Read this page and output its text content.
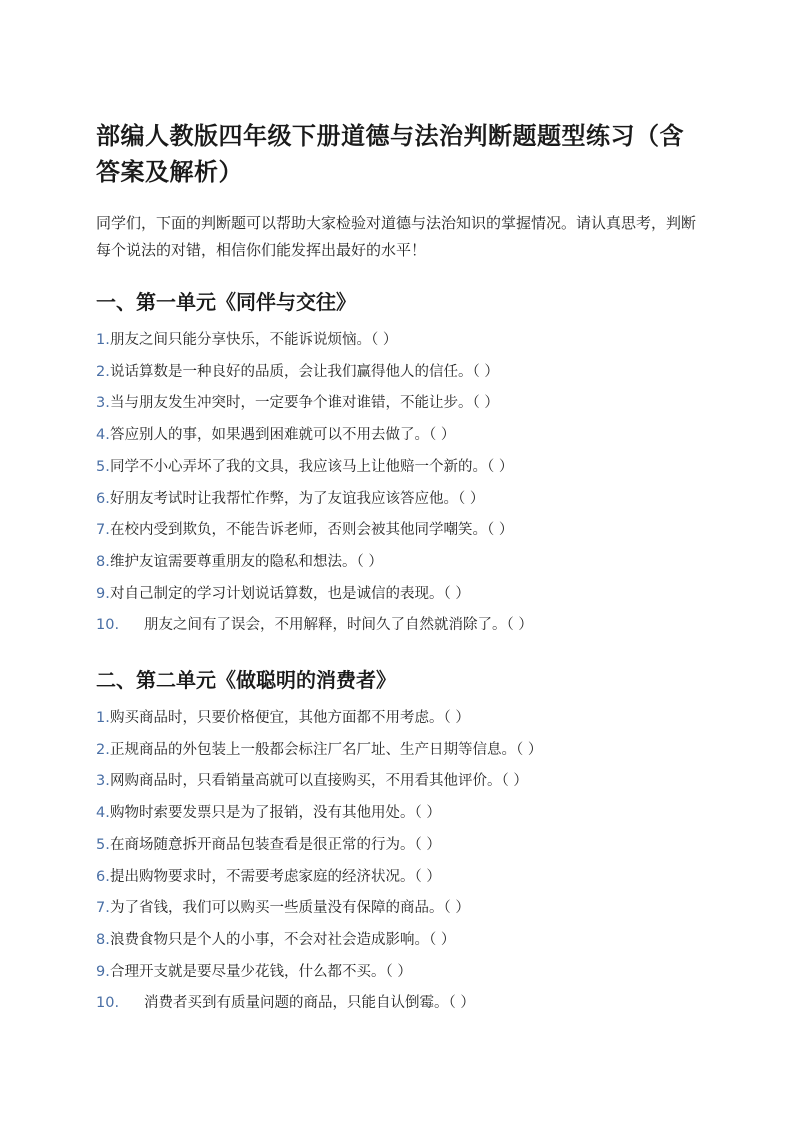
部编人教版四年级下册道德与法治判断题题型练习（含答案及解析）

同学们，下面的判断题可以帮助大家检验对道德与法治知识的掌握情况。请认真思考，判断每个说法的对错，相信你们能发挥出最好的水平！

一、第一单元《同伴与交往》
1. 朋友之间只能分享快乐，不能诉说烦恼。（ ）
2. 说话算数是一种良好的品质，会让我们赢得他人的信任。（ ）
3. 当与朋友发生冲突时，一定要争个谁对谁错，不能让步。（ ）
4. 答应别人的事，如果遇到困难就可以不用去做了。（ ）
5. 同学不小心弄坏了我的文具，我应该马上让他赔一个新的。（ ）
6. 好朋友考试时让我帮忙作弊，为了友谊我应该答应他。（ ）
7. 在校内受到欺负，不能告诉老师，否则会被其他同学嘲笑。（ ）
8. 维护友谊需要尊重朋友的隐私和想法。（ ）
9. 对自己制定的学习计划说话算数，也是诚信的表现。（ ）
10.	朋友之间有了误会，不用解释，时间久了自然就消除了。（ ）
二、第二单元《做聪明的消费者》
1. 购买商品时，只要价格便宜，其他方面都不用考虑。（ ）
2. 正规商品的外包装上一般都会标注厂名厂址、生产日期等信息。（ ）
3. 网购商品时，只看销量高就可以直接购买，不用看其他评价。（ ）
4. 购物时索要发票只是为了报销，没有其他用处。（ ）
5. 在商场随意拆开商品包装查看是很正常的行为。（ ）
6. 提出购物要求时，不需要考虑家庭的经济状况。（ ）
7. 为了省钱，我们可以购买一些质量没有保障的商品。（ ）
8. 浪费食物只是个人的小事，不会对社会造成影响。（ ）
9. 合理开支就是要尽量少花钱，什么都不买。（ ）
10.	消费者买到有质量问题的商品，只能自认倒霉。（ ）
